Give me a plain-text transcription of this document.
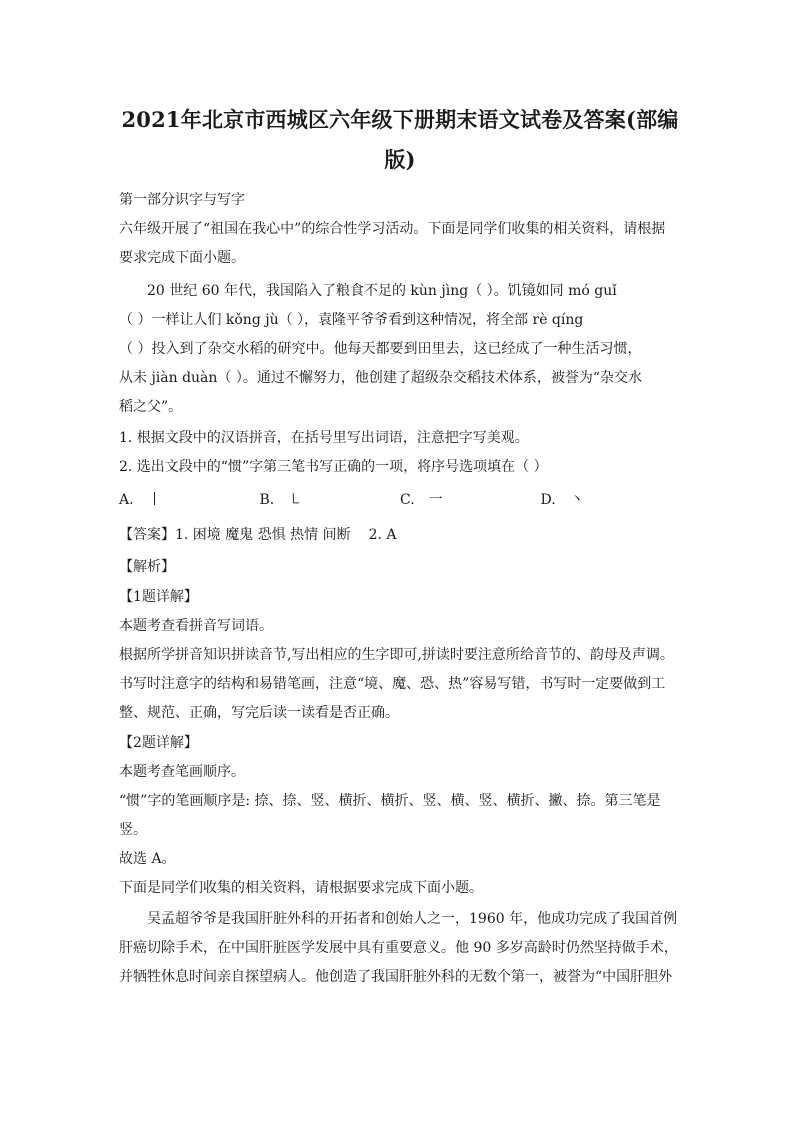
2021年北京市西城区六年级下册期末语文试卷及答案(部编
版)
第一部分识字与写字
六年级开展了“祖国在我心中”的综合性学习活动。下面是同学们收集的相关资料，请根据
要求完成下面小题。
20 世纪 60 年代，我国陷入了粮食不足的 kùn jìng（ ）。饥镜如同 mó guǐ
（ ）一样让人们 kǒng jù（ ），袁隆平爷爷看到这种情况，将全部 rè qíng
（ ）投入到了杂交水稻的研究中。他每天都要到田里去，这已经成了一种生活习惯，
从未 jiàn duàn（ ）。通过不懈努力，他创建了超级杂交稻技术体系，被誉为“杂交水
稻之父”。
1. 根据文段中的汉语拼音，在括号里写出词语，注意把字写美观。
2. 选出文段中的“惯”字第三笔书写正确的一项，将序号选项填在（ ）
A. 丨	B. ㇄	C. 一	D. 丶
【答案】1. 困境 魔鬼 恐惧 热情 间断 2. A
【解析】
【1题详解】
本题考查看拼音写词语。
根据所学拼音知识拼读音节,写出相应的生字即可,拼读时要注意所给音节的、韵母及声调。
书写时注意字的结构和易错笔画，注意“境、魔、恐、热”容易写错，书写时一定要做到工
整、规范、正确，写完后读一读看是否正确。
【2题详解】
本题考查笔画顺序。
“惯”字的笔画顺序是: 捺、捺、竖、横折、横折、竖、横、竖、横折、撇、捺。第三笔是
竖。
故选 A。
下面是同学们收集的相关资料，请根据要求完成下面小题。
吴孟超爷爷是我国肝脏外科的开拓者和创始人之一，1960 年，他成功完成了我国首例
肝癌切除手术，在中国肝脏医学发展中具有重要意义。他 90 多岁高龄时仍然坚持做手术，
并牺牲休息时间亲自探望病人。他创造了我国肝脏外科的无数个第一，被誉为“中国肝胆外
